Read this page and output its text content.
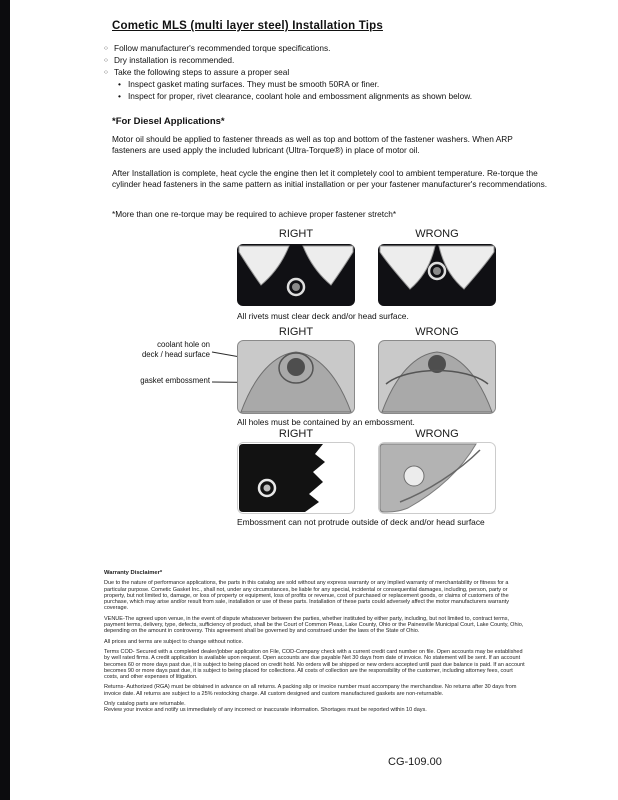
Cometic MLS (multi layer steel) Installation Tips
○ Follow manufacturer's recommended torque specifications.
○ Dry installation is recommended.
○ Take the following steps to assure a proper seal
• Inspect gasket mating surfaces. They must be smooth 50RA or finer.
• Inspect for proper, rivet clearance, coolant hole and embossment alignments as shown below.
*For Diesel Applications*
Motor oil should be applied to fastener threads as well as top and bottom of the fastener washers. When ARP fasteners are used apply the included lubricant (Ultra-Torque®) in place of motor oil.
After Installation is complete, heat cycle the engine then let it completely cool to ambient temperature. Re-torque the cylinder head fasteners in the same pattern as initial installation or per your fastener manufacturer's recommendations.
*More than one re-torque may be required to achieve proper fastener stretch*
RIGHT	WRONG
All rivets must clear deck and/or head surface.
RIGHT	WRONG
coolant hole on
deck / head surface
gasket embossment
All holes must be contained by an embossment.
RIGHT	WRONG
Embossment can not protrude outside of deck and/or head surface
Warranty Disclaimer*

Due to the nature of performance applications, the parts in this catalog are sold without any express warranty or any implied warranty of merchantability or fitness for a particular purpose. Cometic Gasket Inc., shall not, under any circumstances, be liable for any special, incidental or consequential damages, including, person, party or property, but not limited to, damage, or loss of property or equipment, loss of profits or revenue, cost of purchased or replacement goods, or claims of customers of the purchase, which may arise and/or result from sale, installation or use of these parts. Installation of these parts could adversely affect the motor manufacturers warranty coverage.

VENUE-The agreed upon venue, in the event of dispute whatsoever between the parties, whether instituted by either party, including, but not limited to, contract terms, payment terms, delivery, type, defects, sufficiency of product, shall be the Court of Common Pleas, Lake County, Ohio or the Painesville Municipal Court, Lake County, Ohio, depending on the amount in controversy. This agreement shall be governed by and construed under the laws of the State of Ohio.

All prices and terms are subject to change without notice.

Terms COD- Secured with a completed dealer/jobber application on File, COD-Company check with a current credit card number on file. Open accounts may be established by well rated firms. A credit application is available upon request. Open accounts are due payable Net 30 days from date of invoice. No statement will be sent. If an account becomes 60 or more days past due, it is subject to being placed on credit hold. No orders will be shipped or new orders accepted until past due balance is paid. If an account becomes 90 or more days past due, it is subject to being placed for collections. All costs of collection are the responsibility of the customer, including attorney fees, court costs, and other expenses of litigation.

Returns- Authorized (RGA) must be obtained in advance on all returns. A packing slip or invoice number must accompany the merchandise. No returns after 30 days from invoice date. All returns are subject to a 25% restocking charge. All custom designed and custom manufactured gaskets are non-returnable.

Only catalog parts are returnable.

Review your invoice and notify us immediately of any incorrect or inaccurate information. Shortages must be reported within 10 days.

CG-109.00
